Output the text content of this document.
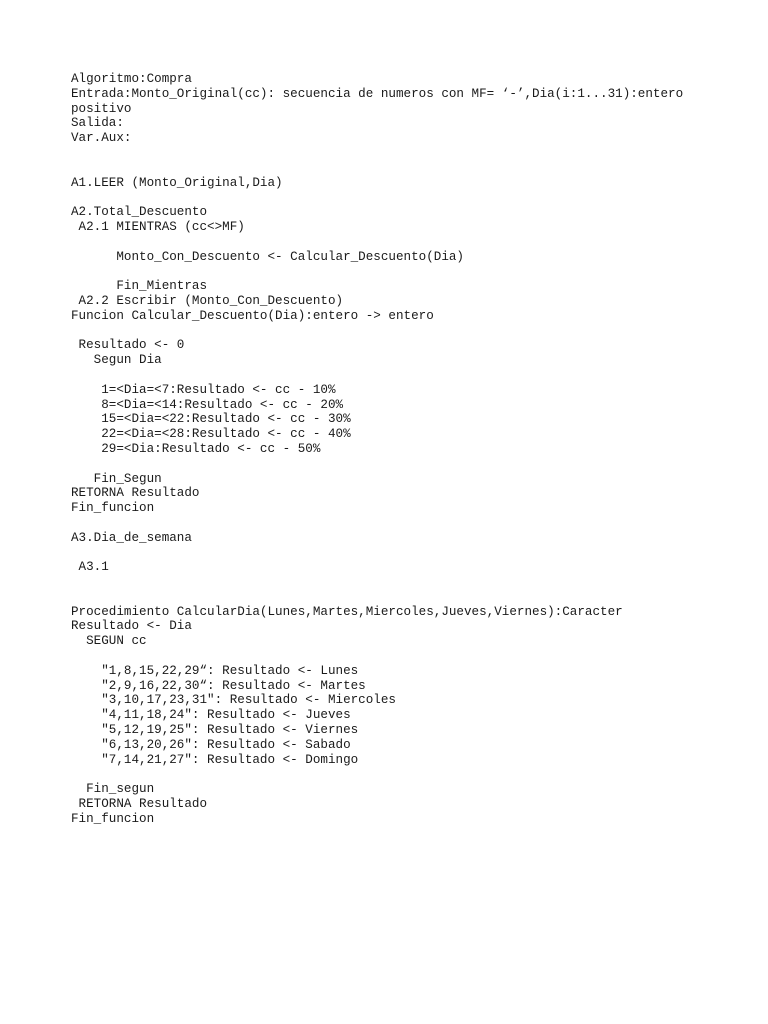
Algoritmo:Compra
Entrada:Monto_Original(cc): secuencia de numeros con MF= ‘-’,Dia(i:1...31):entero
positivo
Salida:
Var.Aux:
A1.LEER (Monto_Original,Dia)
A2.Total_Descuento
A2.1 MIENTRAS (cc<>MF)
Monto_Con_Descuento <- Calcular_Descuento(Dia)
Fin_Mientras
A2.2 Escribir (Monto_Con_Descuento)
Funcion Calcular_Descuento(Dia):entero -> entero
Resultado <- 0
Segun Dia
1=<Dia=<7:Resultado <- cc - 10%
8=<Dia=<14:Resultado <- cc - 20%
15=<Dia=<22:Resultado <- cc - 30%
22=<Dia=<28:Resultado <- cc - 40%
29=<Dia:Resultado <- cc - 50%
Fin_Segun
RETORNA Resultado
Fin_funcion
A3.Dia_de_semana
A3.1
Procedimiento CalcularDia(Lunes,Martes,Miercoles,Jueves,Viernes):Caracter
Resultado <- Dia
SEGUN cc
"1,8,15,22,29“: Resultado <- Lunes
"2,9,16,22,30“: Resultado <- Martes
"3,10,17,23,31": Resultado <- Miercoles
"4,11,18,24": Resultado <- Jueves
"5,12,19,25": Resultado <- Viernes
"6,13,20,26": Resultado <- Sabado
"7,14,21,27": Resultado <- Domingo
Fin_segun
RETORNA Resultado
Fin_funcion
